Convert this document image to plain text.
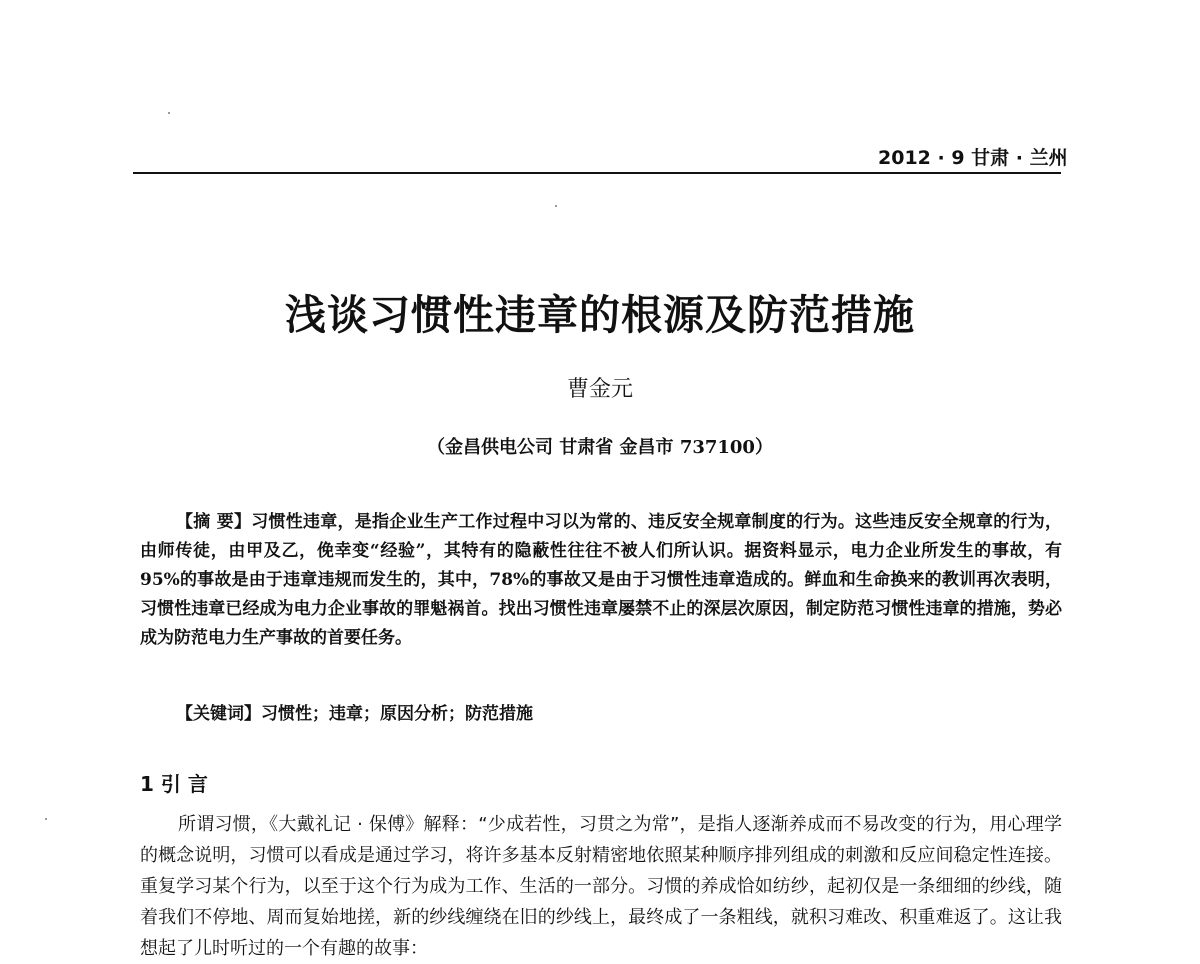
2012 · 9 甘肃 · 兰州
浅谈习惯性违章的根源及防范措施
曹金元
（金昌供电公司 甘肃省 金昌市 737100）
【摘 要】习惯性违章，是指企业生产工作过程中习以为常的、违反安全规章制度的行为。这些违反安全规章的行为，由师传徒，由甲及乙，俛幸变“经验”，其特有的隐蔽性往往不被人们所认识。据资料显示，电力企业所发生的事故，有95%的事故是由于违章违规而发生的，其中，78%的事故又是由于习惯性违章造成的。鲜血和生命换来的教训再次表明，习惯性违章已经成为电力企业事故的罪魁祸首。找出习惯性违章屡禁不止的深层次原因，制定防范习惯性违章的措施，势必成为防范电力生产事故的首要任务。
【关键词】习惯性；违章；原因分析；防范措施
1 引 言
所谓习惯，《大戴礼记 · 保傅》解释：“少成若性，习贯之为常”，是指人逐渐养成而不易改变的行为，用心理学的概念说明，习惯可以看成是通过学习，将许多基本反射精密地依照某种顺序排列组成的刺激和反应间稳定性连接。重复学习某个行为，以至于这个行为成为工作、生活的一部分。习惯的养成恰如纺纱，起初仅是一条细细的纱线，随着我们不停地、周而复始地搓，新的纱线缠绕在旧的纱线上，最终成了一条粗线，就积习难改、积重难返了。这让我想起了儿时听过的一个有趣的故事：
